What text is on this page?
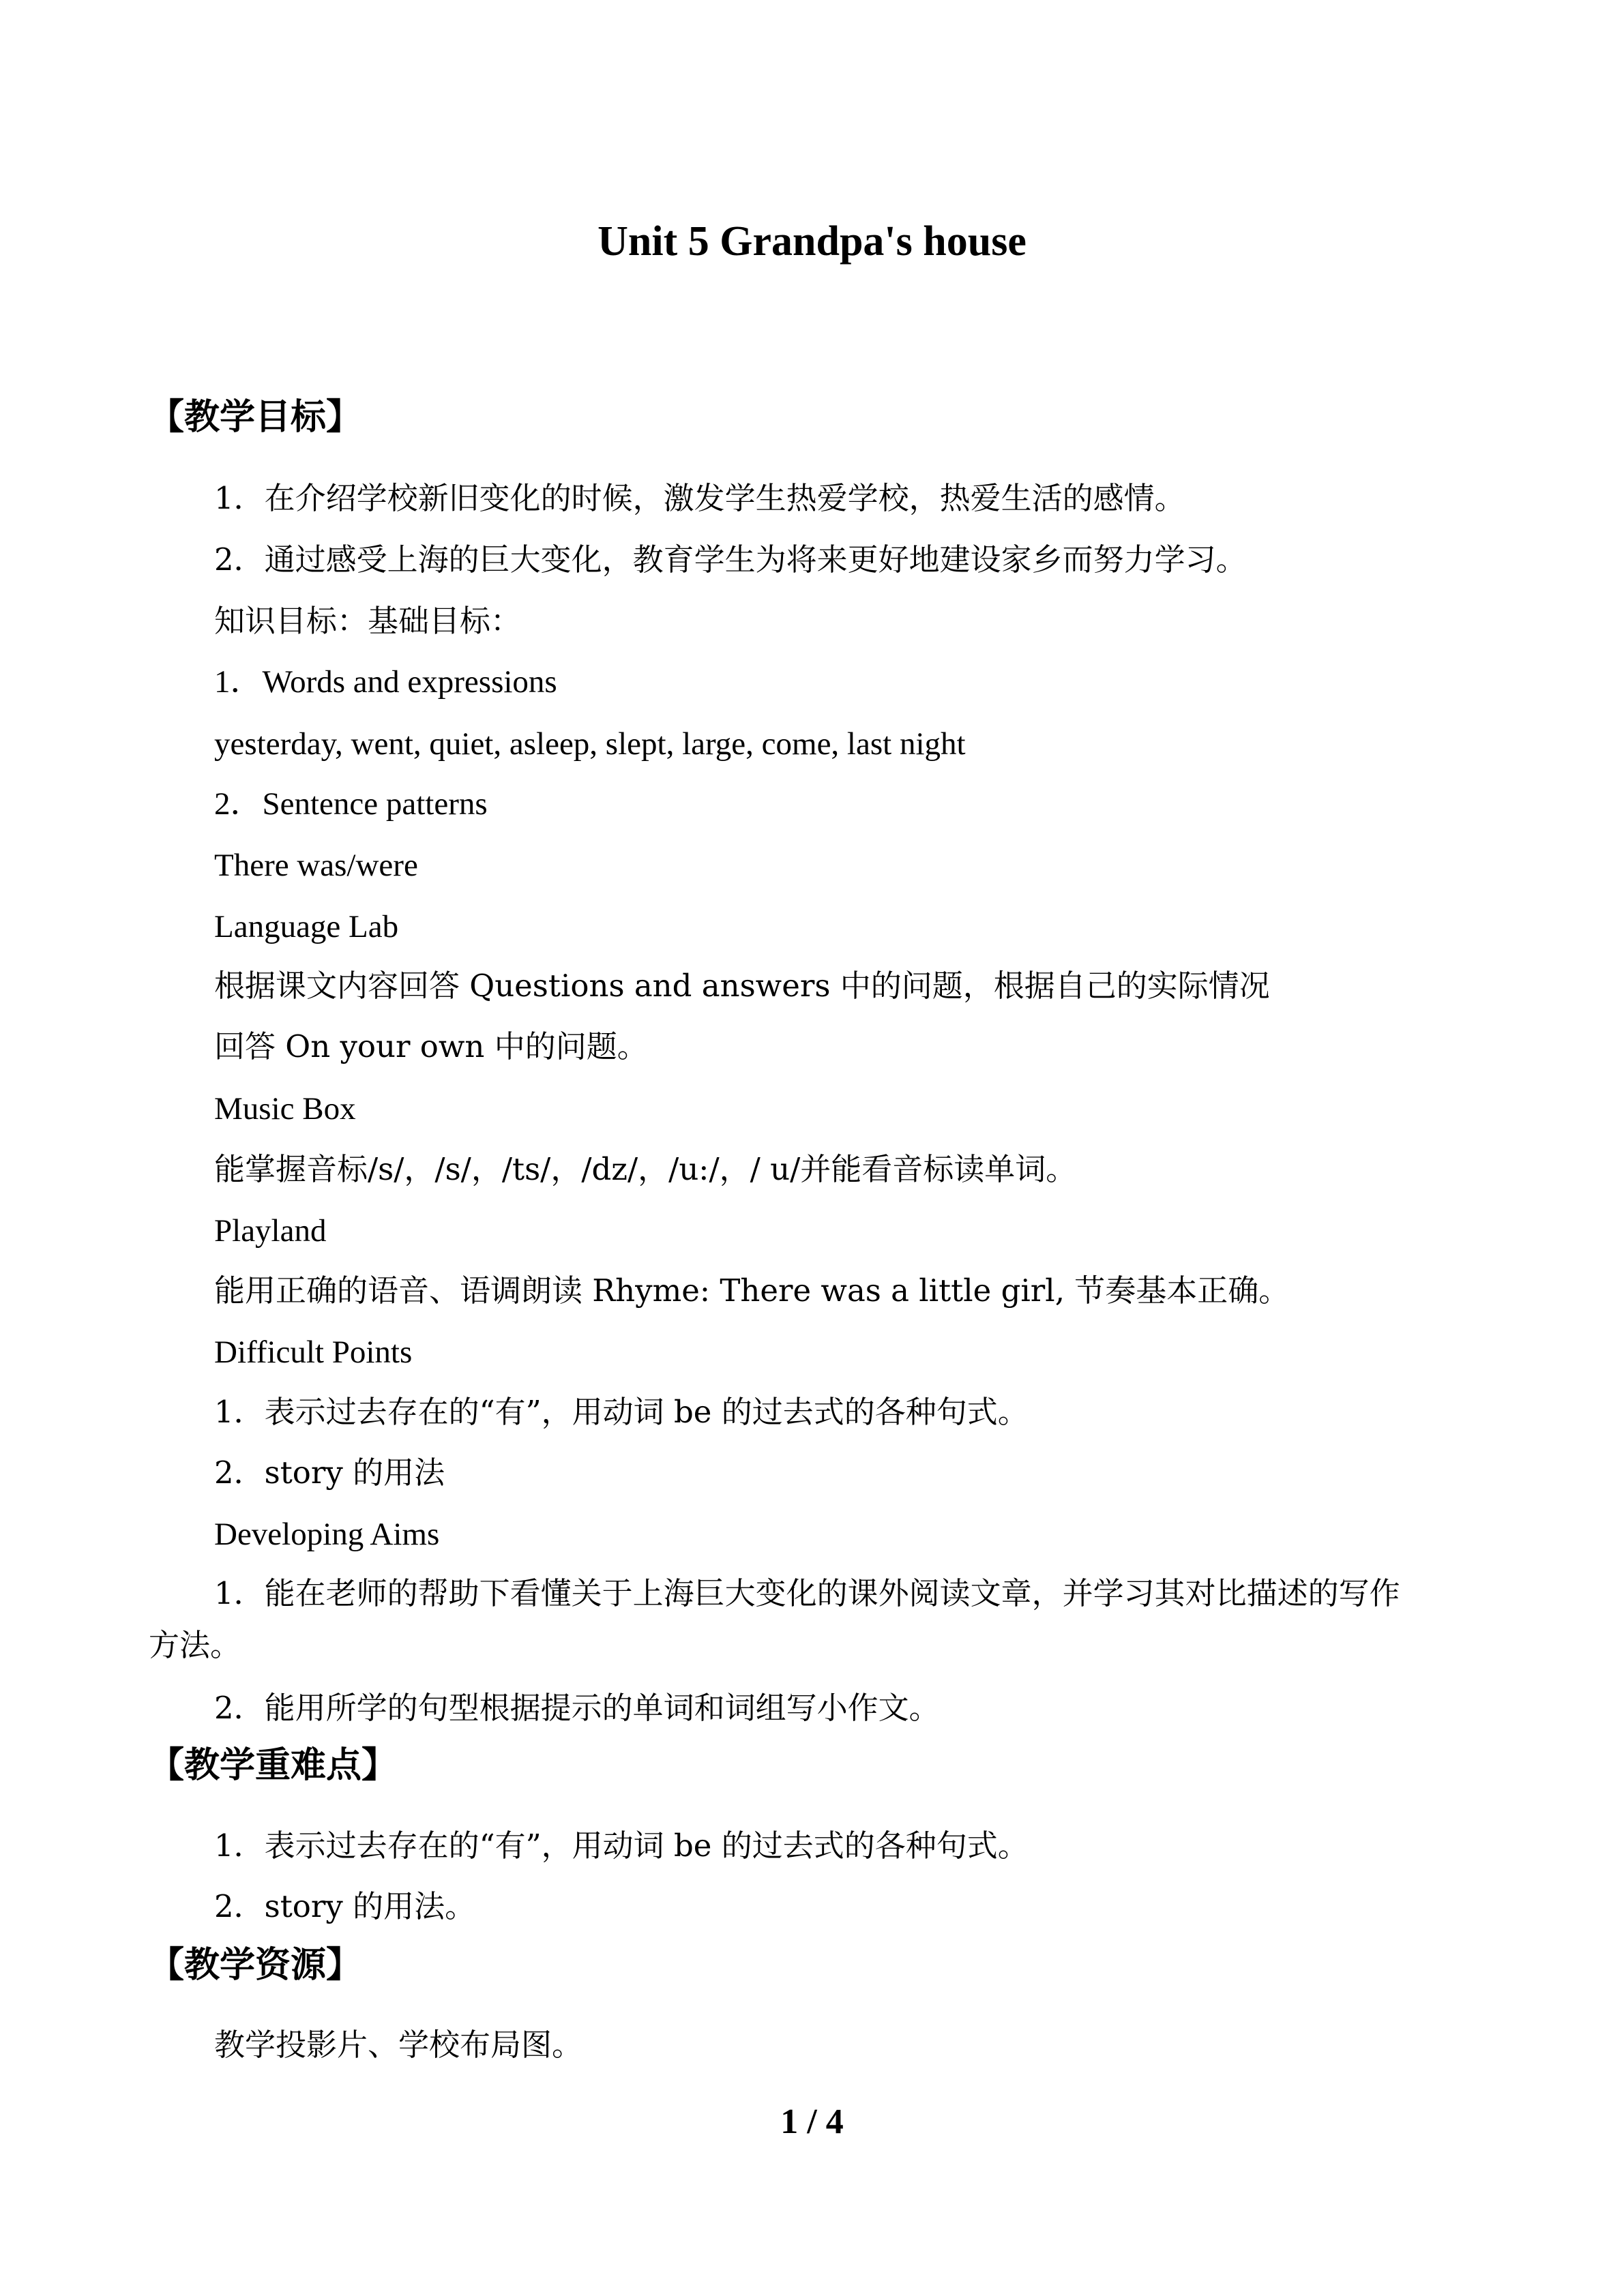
Unit 5 Grandpa's house
【教学目标】
1．在介绍学校新旧变化的时候，激发学生热爱学校，热爱生活的感情。
2．通过感受上海的巨大变化，教育学生为将来更好地建设家乡而努力学习。
知识目标：基础目标：
1．Words and expressions
yesterday, went, quiet, asleep, slept, large, come, last night
2．Sentence patterns
There was/were
Language Lab
根据课文内容回答 Questions and answers 中的问题，根据自己的实际情况
回答 On your own 中的问题。
Music Box
能掌握音标/s/，/s/，/ts/，/dz/，/u:/，/ u/并能看音标读单词。
Playland
能用正确的语音、语调朗读 Rhyme: There was a little girl, 节奏基本正确。
Difficult Points
1．表示过去存在的“有”，用动词 be 的过去式的各种句式。
2．story 的用法
Developing Aims
1．能在老师的帮助下看懂关于上海巨大变化的课外阅读文章，并学习其对比描述的写作
方法。
2．能用所学的句型根据提示的单词和词组写小作文。
【教学重难点】
1．表示过去存在的“有”，用动词 be 的过去式的各种句式。
2．story 的用法。
【教学资源】
教学投影片、学校布局图。
1 / 4
